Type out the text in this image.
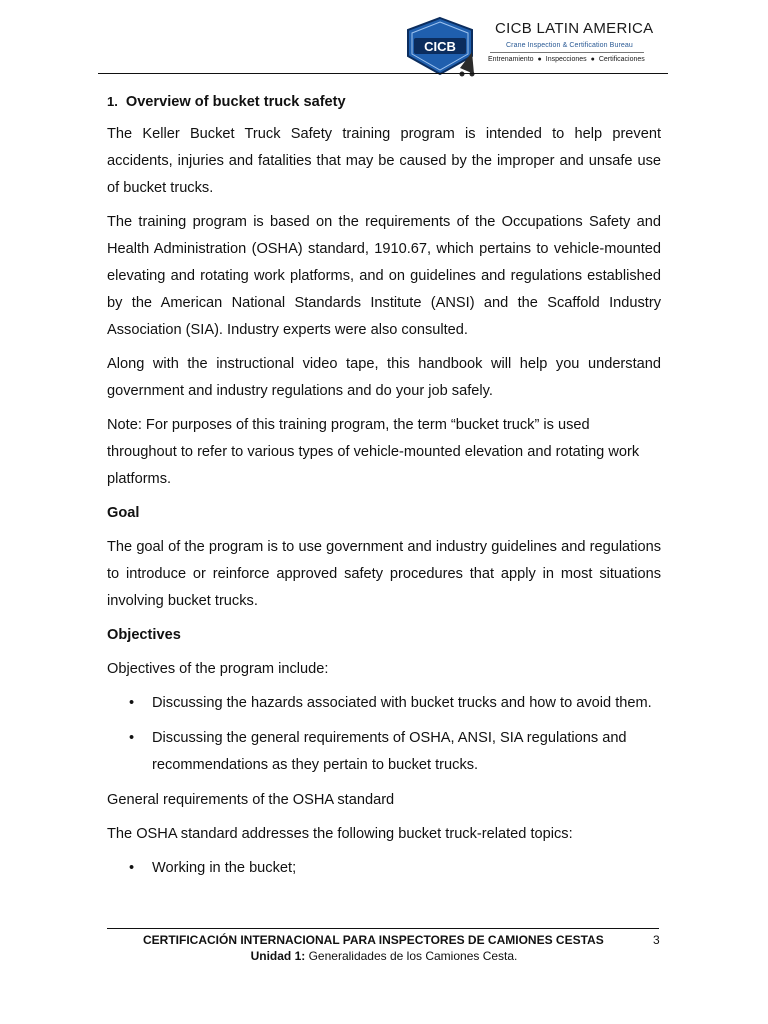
CICB
CICB LATIN AMERICA
Crane Inspection & Certification Bureau
Entrenamiento ● Inspecciones ● Certificaciones
1. Overview of bucket truck safety

The Keller Bucket Truck Safety training program is intended to help prevent accidents, injuries and fatalities that may be caused by the improper and unsafe use of bucket trucks.

The training program is based on the requirements of the Occupations Safety and Health Administration (OSHA) standard, 1910.67, which pertains to vehicle-mounted elevating and rotating work platforms, and on guidelines and regulations established by the American National Standards Institute (ANSI) and the Scaffold Industry Association (SIA). Industry experts were also consulted.

Along with the instructional video tape, this handbook will help you understand government and industry regulations and do your job safely.

Note: For purposes of this training program, the term “bucket truck” is used throughout to refer to various types of vehicle-mounted elevation and rotating work platforms.

Goal

The goal of the program is to use government and industry guidelines and regulations to introduce or reinforce approved safety procedures that apply in most situations involving bucket trucks.

Objectives

Objectives of the program include:

• Discussing the hazards associated with bucket trucks and how to avoid them.
• Discussing the general requirements of OSHA, ANSI, SIA regulations and recommendations as they pertain to bucket trucks.

General requirements of the OSHA standard

The OSHA standard addresses the following bucket truck-related topics:

• Working in the bucket;
CERTIFICACIÓN INTERNACIONAL PARA INSPECTORES DE CAMIONES CESTAS	3
Unidad 1: Generalidades de los Camiones Cesta.
